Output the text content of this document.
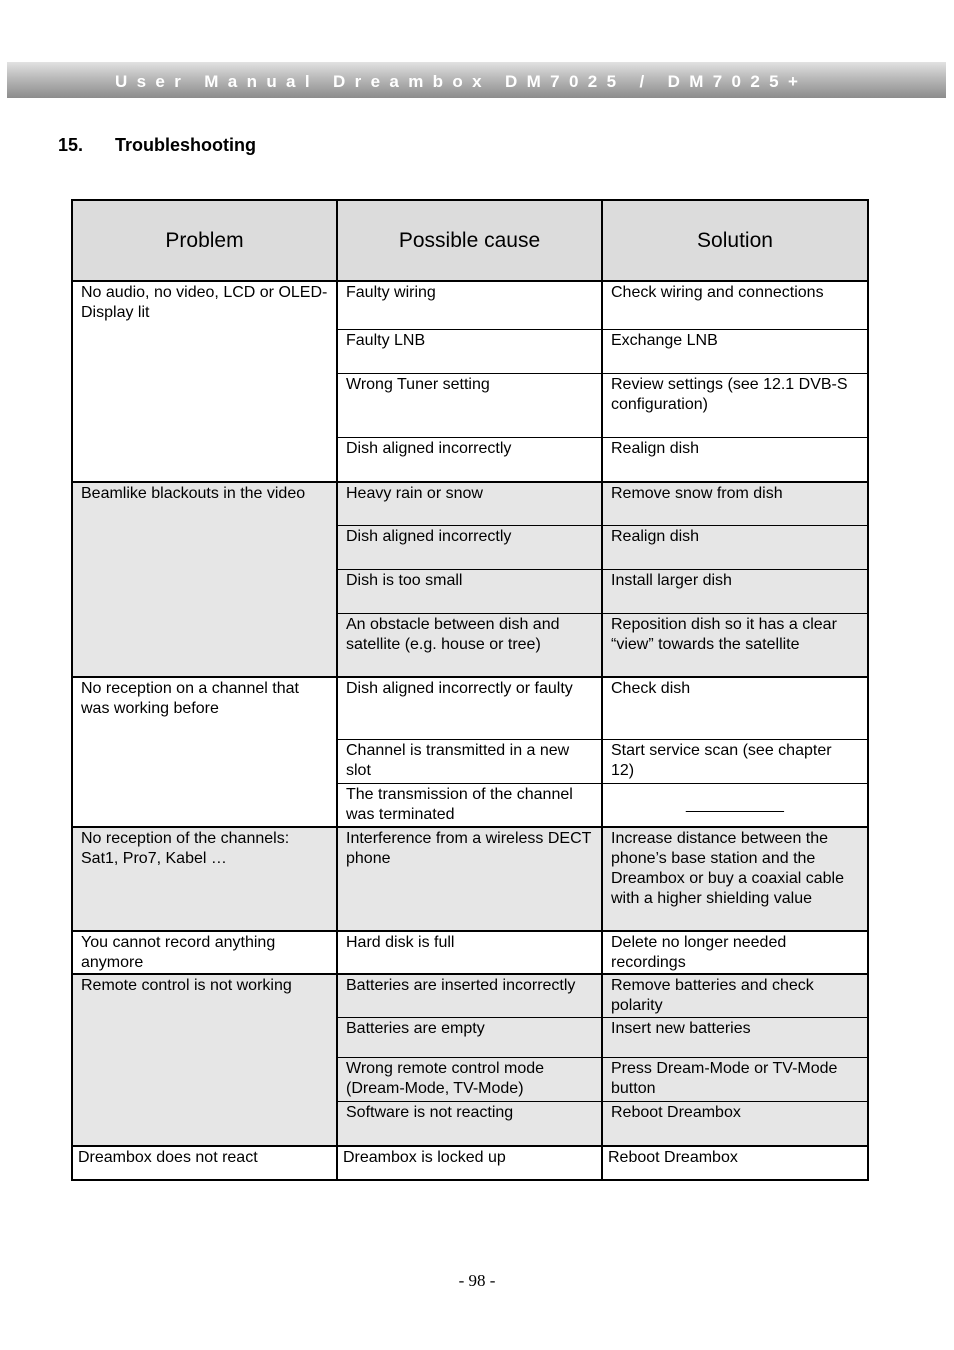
User Manual Dreambox DM7025 / DM7025+
15. Troubleshooting
Problem	Possible cause	Solution
No audio, no video, LCD or OLED-Display lit	Faulty wiring	Check wiring and connections
	Faulty LNB	Exchange LNB
	Wrong Tuner setting	Review settings (see 12.1 DVB-S configuration)
	Dish aligned incorrectly	Realign dish
Beamlike blackouts in the video	Heavy rain or snow	Remove snow from dish
	Dish aligned incorrectly	Realign dish
	Dish is too small	Install larger dish
	An obstacle between dish and satellite (e.g. house or tree)	Reposition dish so it has a clear “view” towards the satellite
No reception on a channel that was working before	Dish aligned incorrectly or faulty	Check dish
	Channel is transmitted in a new slot	Start service scan (see chapter 12)
	The transmission of the channel was terminated	___________
No reception of the channels: Sat1, Pro7, Kabel …	Interference from a wireless DECT phone	Increase distance between the phone’s base station and the Dreambox or buy a coaxial cable with a higher shielding value
You cannot record anything anymore	Hard disk is full	Delete no longer needed recordings
Remote control is not working	Batteries are inserted incorrectly	Remove batteries and check polarity
	Batteries are empty	Insert new batteries
	Wrong remote control mode (Dream-Mode, TV-Mode)	Press Dream-Mode or TV-Mode button
	Software is not reacting	Reboot Dreambox
Dreambox does not react	Dreambox is locked up	Reboot Dreambox
- 98 -
